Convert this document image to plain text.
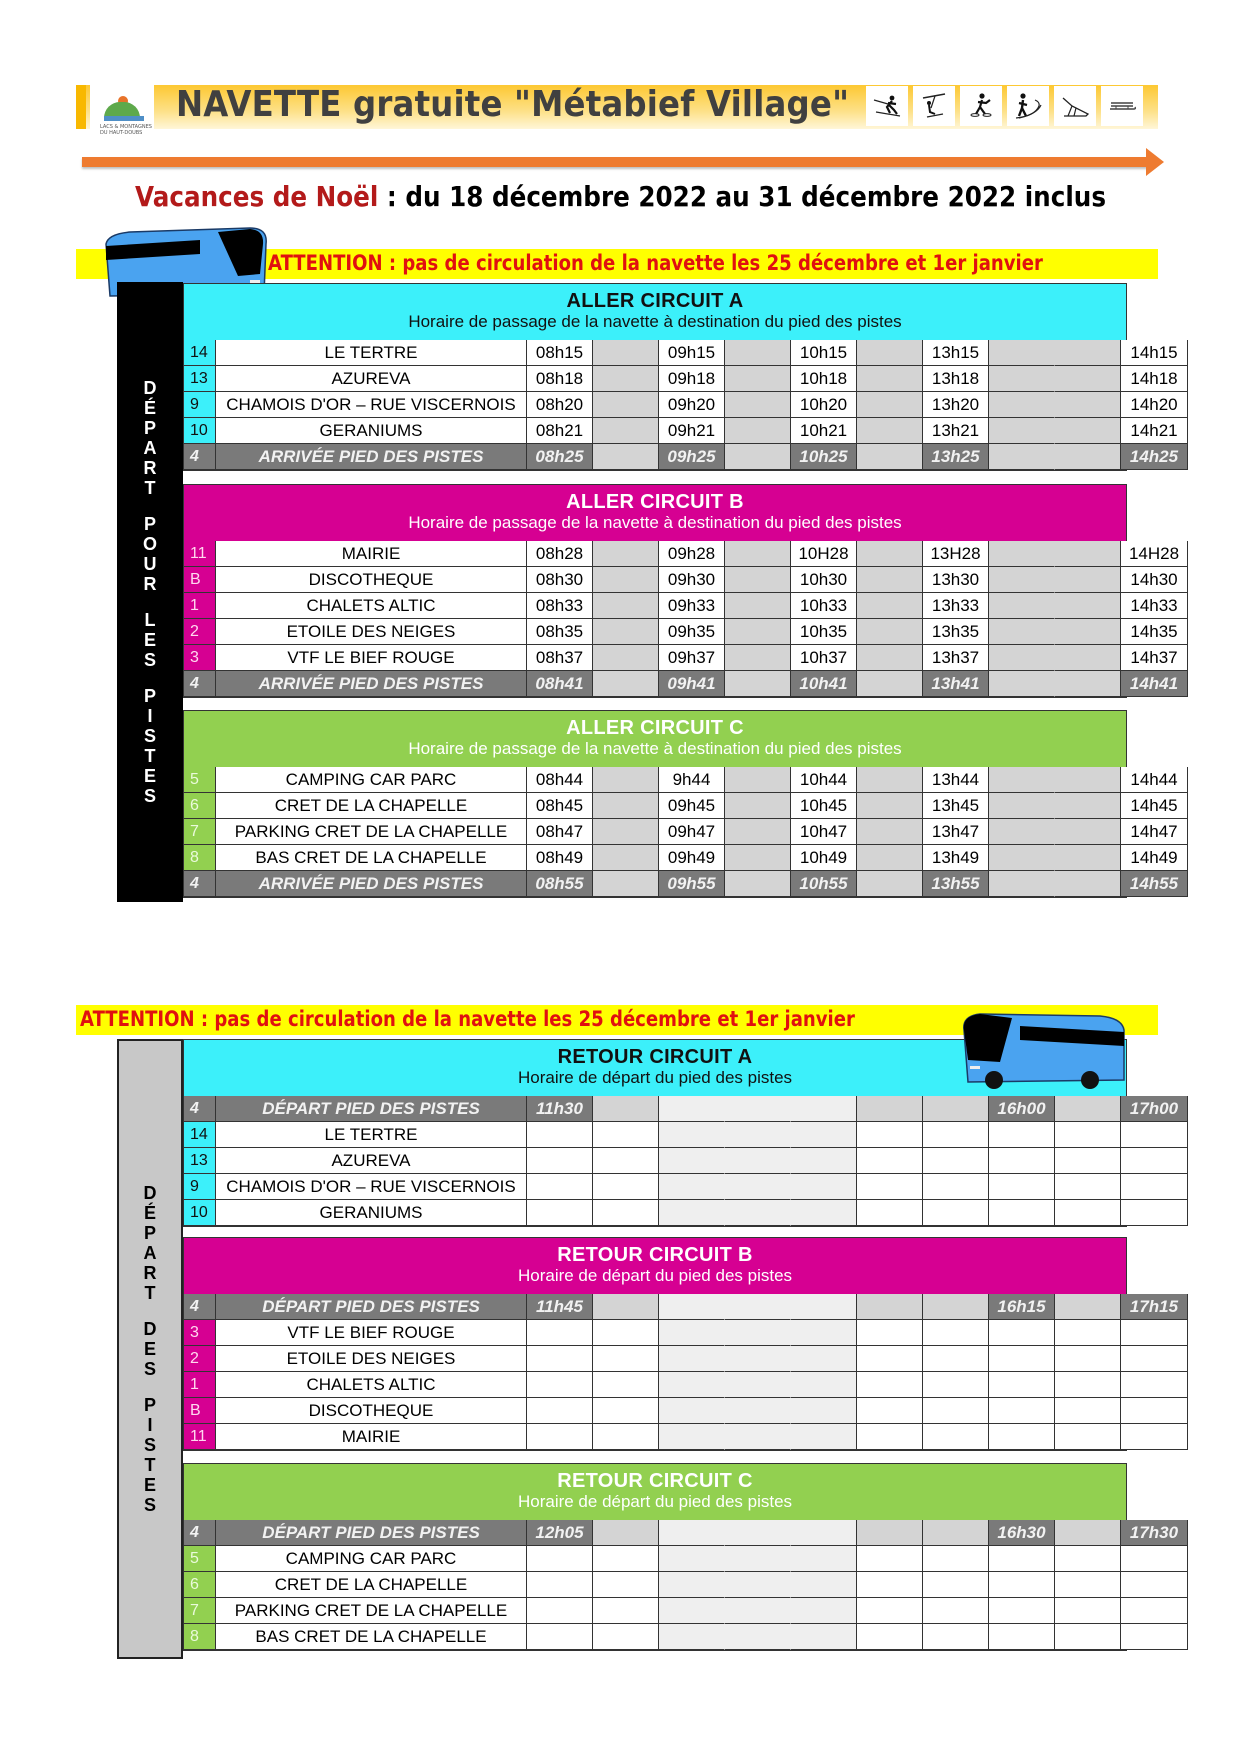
LACS & MONTAGNES DU HAUT-DOUBS
NAVETTE gratuite "Métabief Village"
Vacances de Noël : du 18 décembre 2022 au 31 décembre 2022 inclus
ATTENTION : pas de circulation de la navette les 25 décembre et 1er janvier
D
É
P
A
R
T
P
O
U
R
L
E
S
P
I
S
T
E
S
ALLER CIRCUIT A
Horaire de passage de la navette à destination du pied des pistes
14	LE TERTRE	08h15	09h15	10h15	13h15	14h15
13	AZUREVA	08h18	09h18	10h18	13h18	14h18
9	CHAMOIS D'OR – RUE VISCERNOIS	08h20	09h20	10h20	13h20	14h20
10	GERANIUMS	08h21	09h21	10h21	13h21	14h21
4	ARRIVÉE PIED DES PISTES	08h25	09h25	10h25	13h25	14h25
ALLER CIRCUIT B
Horaire de passage de la navette à destination du pied des pistes
11	MAIRIE	08h28	09h28	10H28	13H28	14H28
B	DISCOTHEQUE	08h30	09h30	10h30	13h30	14h30
1	CHALETS ALTIC	08h33	09h33	10h33	13h33	14h33
2	ETOILE DES NEIGES	08h35	09h35	10h35	13h35	14h35
3	VTF LE BIEF ROUGE	08h37	09h37	10h37	13h37	14h37
4	ARRIVÉE PIED DES PISTES	08h41	09h41	10h41	13h41	14h41
ALLER CIRCUIT C
Horaire de passage de la navette à destination du pied des pistes
5	CAMPING CAR PARC	08h44	9h44	10h44	13h44	14h44
6	CRET DE LA CHAPELLE	08h45	09h45	10h45	13h45	14h45
7	PARKING CRET DE LA CHAPELLE	08h47	09h47	10h47	13h47	14h47
8	BAS CRET DE LA CHAPELLE	08h49	09h49	10h49	13h49	14h49
4	ARRIVÉE PIED DES PISTES	08h55	09h55	10h55	13h55	14h55
ATTENTION : pas de circulation de la navette les 25 décembre et 1er janvier
D
É
P
A
R
T
D
E
S
P
I
S
T
E
S
RETOUR CIRCUIT A
Horaire de départ du pied des pistes
4	DÉPART PIED DES PISTES	11h30	16h00	17h00
14	LE TERTRE
13	AZUREVA
9	CHAMOIS D'OR – RUE VISCERNOIS
10	GERANIUMS
RETOUR CIRCUIT B
Horaire de départ du pied des pistes
4	DÉPART PIED DES PISTES	11h45	16h15	17h15
3	VTF LE BIEF ROUGE
2	ETOILE DES NEIGES
1	CHALETS ALTIC
B	DISCOTHEQUE
11	MAIRIE
RETOUR CIRCUIT C
Horaire de départ du pied des pistes
4	DÉPART PIED DES PISTES	12h05	16h30	17h30
5	CAMPING CAR PARC
6	CRET DE LA CHAPELLE
7	PARKING CRET DE LA CHAPELLE
8	BAS CRET DE LA CHAPELLE
